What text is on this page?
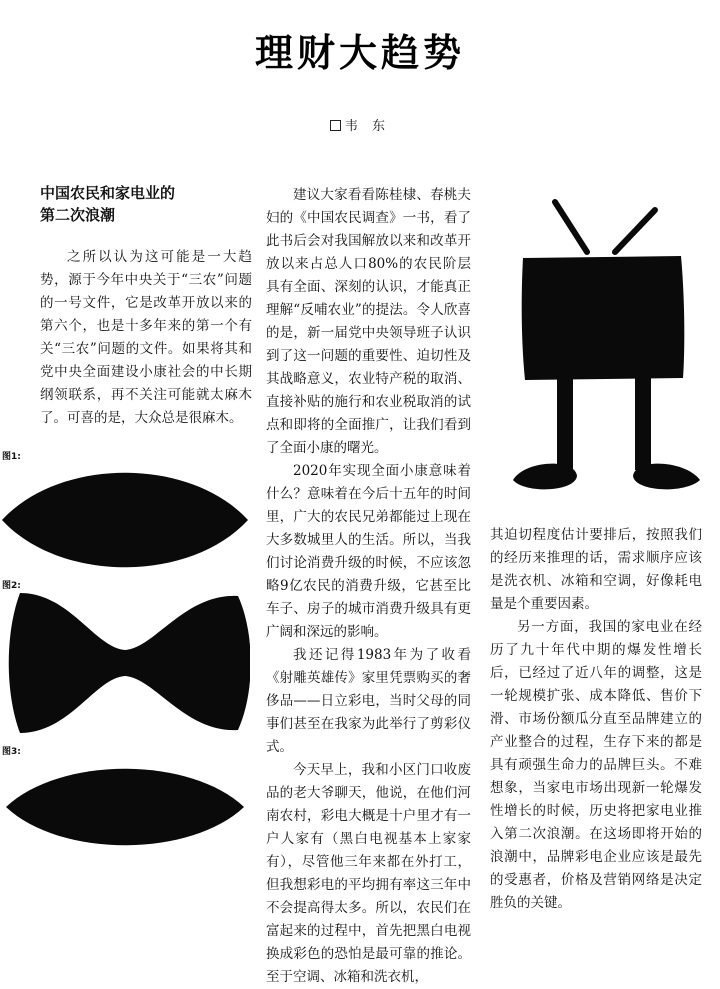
理财大趋势
韦 东
中国农民和家电业的
第二次浪潮

之所以认为这可能是一大趋势，源于今年中央关于“三农”问题的一号文件，它是改革开放以来的第六个，也是十多年来的第一个有关“三农”问题的文件。如果将其和党中央全面建设小康社会的中长期纲领联系，再不关注可能就太麻木了。可喜的是，大众总是很麻木。

建议大家看看陈桂棣、春桃夫妇的《中国农民调查》一书，看了此书后会对我国解放以来和改革开放以来占总人口80%的农民阶层具有全面、深刻的认识，才能真正理解“反哺农业”的提法。令人欣喜的是，新一届党中央领导班子认识到了这一问题的重要性、迫切性及其战略意义，农业特产税的取消、直接补贴的施行和农业税取消的试点和即将的全面推广，让我们看到了全面小康的曙光。

2020年实现全面小康意味着什么？意味着在今后十五年的时间里，广大的农民兄弟都能过上现在大多数城里人的生活。所以，当我们讨论消费升级的时候，不应该忽略9亿农民的消费升级，它甚至比车子、房子的城市消费升级具有更广阔和深远的影响。

我还记得1983年为了收看《射雕英雄传》家里凭票购买的奢侈品——日立彩电，当时父母的同事们甚至在我家为此举行了剪彩仪式。

今天早上，我和小区门口收废品的老大爷聊天，他说，在他们河南农村，彩电大概是十户里才有一户人家有（黑白电视基本上家家有），尽管他三年来都在外打工，但我想彩电的平均拥有率这三年中不会提高得太多。所以，农民们在富起来的过程中，首先把黑白电视换成彩色的恐怕是最可靠的推论。至于空调、冰箱和洗衣机，

其迫切程度估计要排后，按照我们的经历来推理的话，需求顺序应该是洗衣机、冰箱和空调，好像耗电量是个重要因素。

另一方面，我国的家电业在经历了九十年代中期的爆发性增长后，已经过了近八年的调整，这是一轮规模扩张、成本降低、售价下滑、市场份额瓜分直至品牌建立的产业整合的过程，生存下来的都是具有顽强生命力的品牌巨头。不难想象，当家电市场出现新一轮爆发性增长的时候，历史将把家电业推入第二次浪潮。在这场即将开始的浪潮中，品牌彩电企业应该是最先的受惠者，价格及营销网络是决定胜负的关键。

图1:
图2:
图3:
